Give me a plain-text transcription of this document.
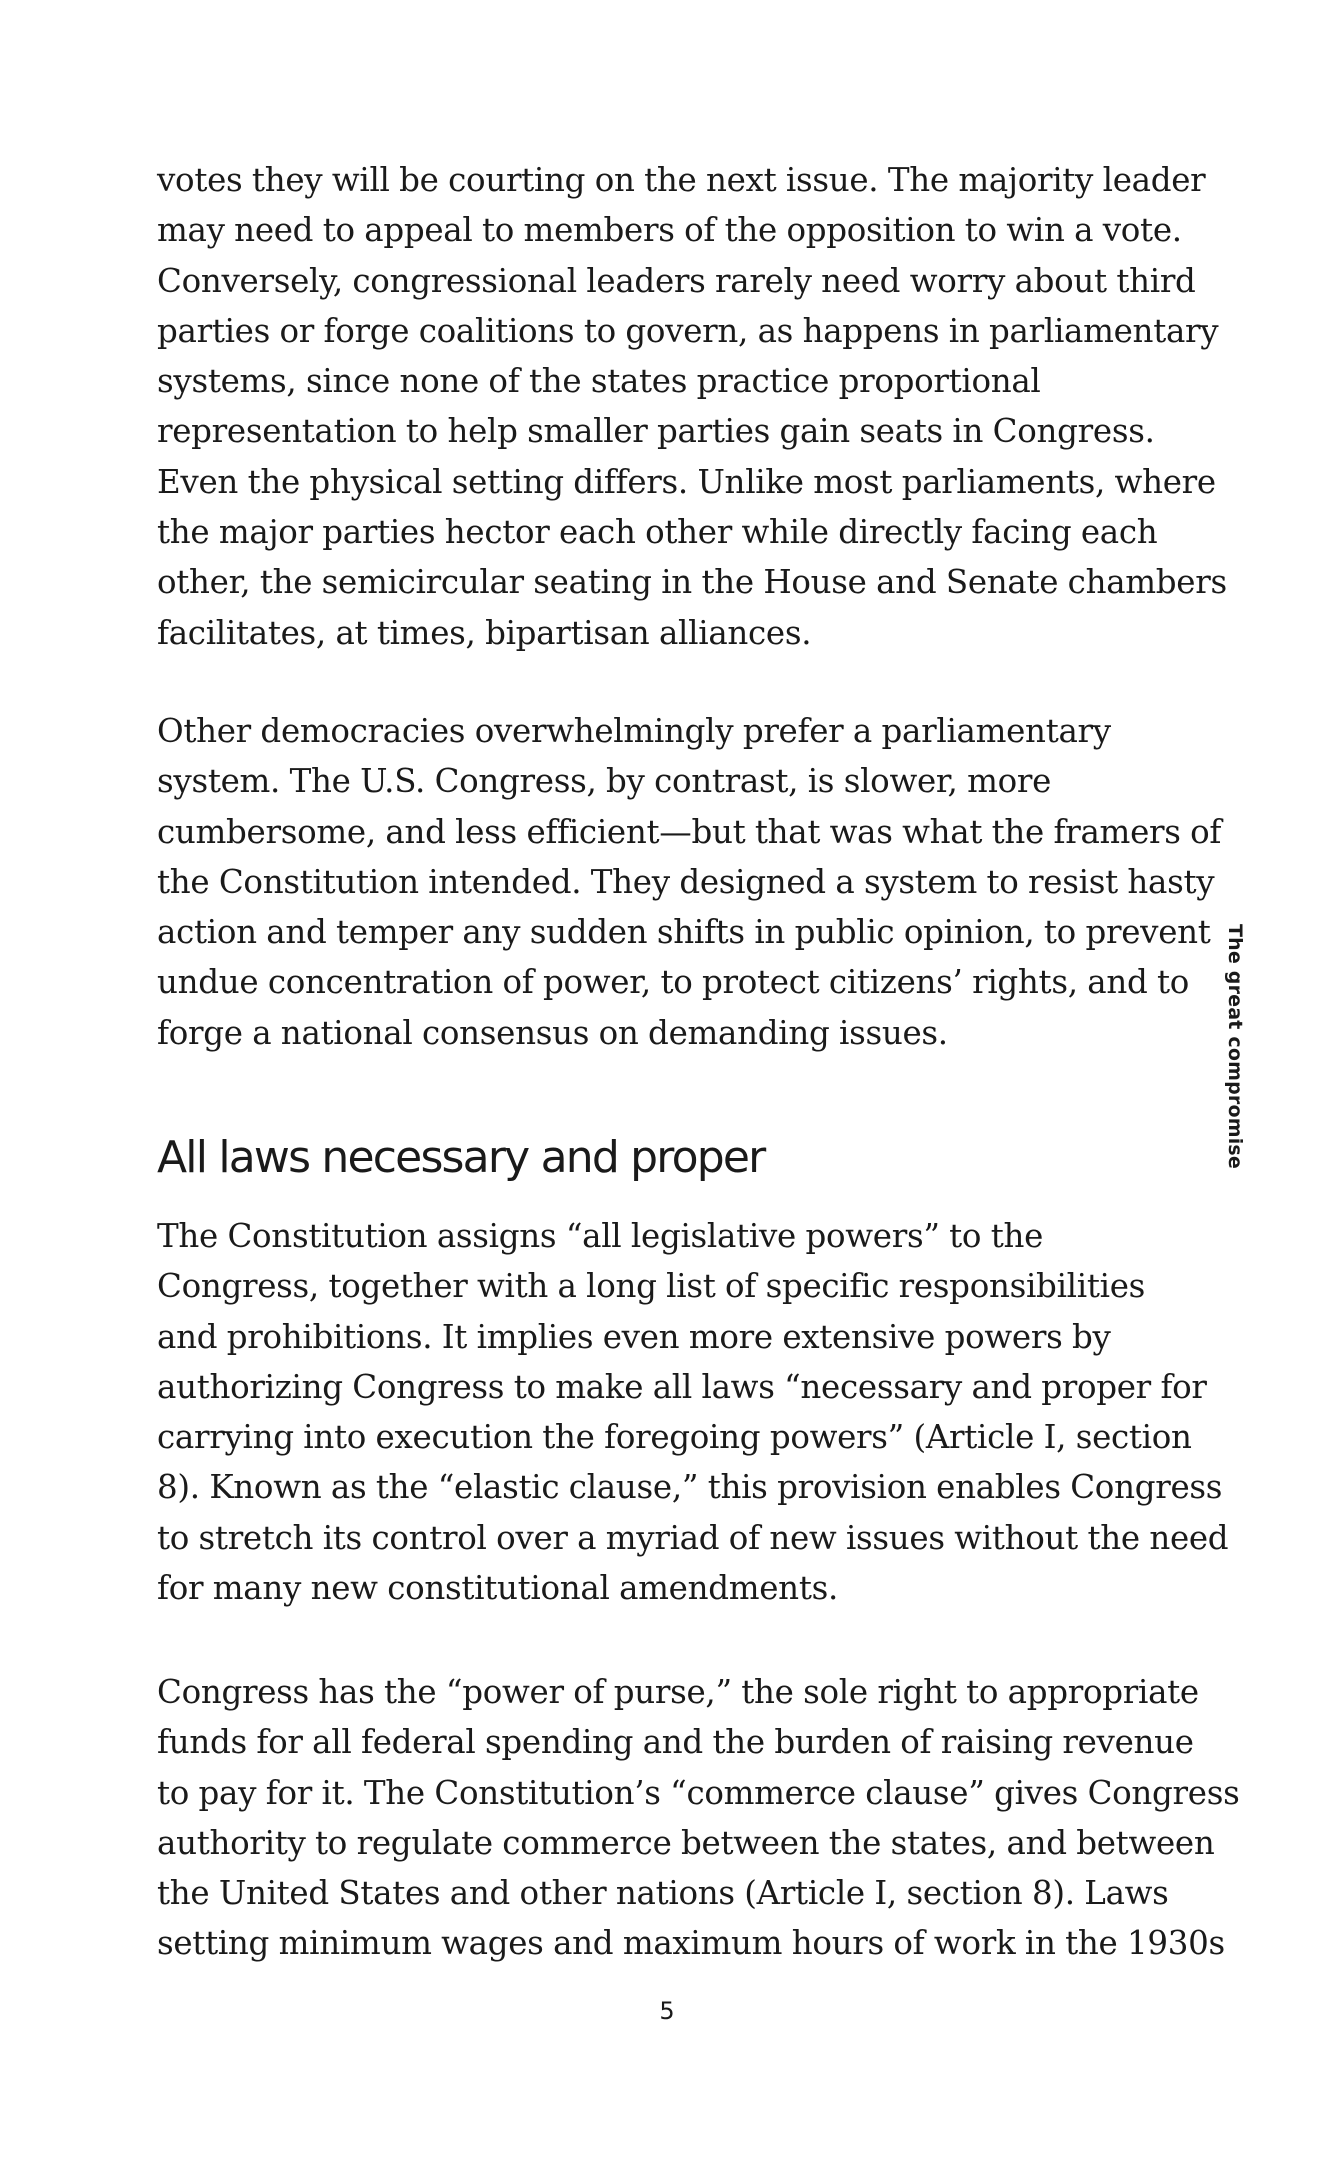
votes they will be courting on the next issue. The majority leader
may need to appeal to members of the opposition to win a vote.
Conversely, congressional leaders rarely need worry about third
parties or forge coalitions to govern, as happens in parliamentary
systems, since none of the states practice proportional
representation to help smaller parties gain seats in Congress.
Even the physical setting differs. Unlike most parliaments, where
the major parties hector each other while directly facing each
other, the semicircular seating in the House and Senate chambers
facilitates, at times, bipartisan alliances.

Other democracies overwhelmingly prefer a parliamentary
system. The U.S. Congress, by contrast, is slower, more
cumbersome, and less efficient—but that was what the framers of
the Constitution intended. They designed a system to resist hasty
action and temper any sudden shifts in public opinion, to prevent
undue concentration of power, to protect citizens’ rights, and to
forge a national consensus on demanding issues.

All laws necessary and proper

The Constitution assigns “all legislative powers” to the
Congress, together with a long list of specific responsibilities
and prohibitions. It implies even more extensive powers by
authorizing Congress to make all laws “necessary and proper for
carrying into execution the foregoing powers” (Article I, section
8). Known as the “elastic clause,” this provision enables Congress
to stretch its control over a myriad of new issues without the need
for many new constitutional amendments.

Congress has the “power of purse,” the sole right to appropriate
funds for all federal spending and the burden of raising revenue
to pay for it. The Constitution’s “commerce clause” gives Congress
authority to regulate commerce between the states, and between
the United States and other nations (Article I, section 8). Laws
setting minimum wages and maximum hours of work in the 1930s

The great compromise
5
